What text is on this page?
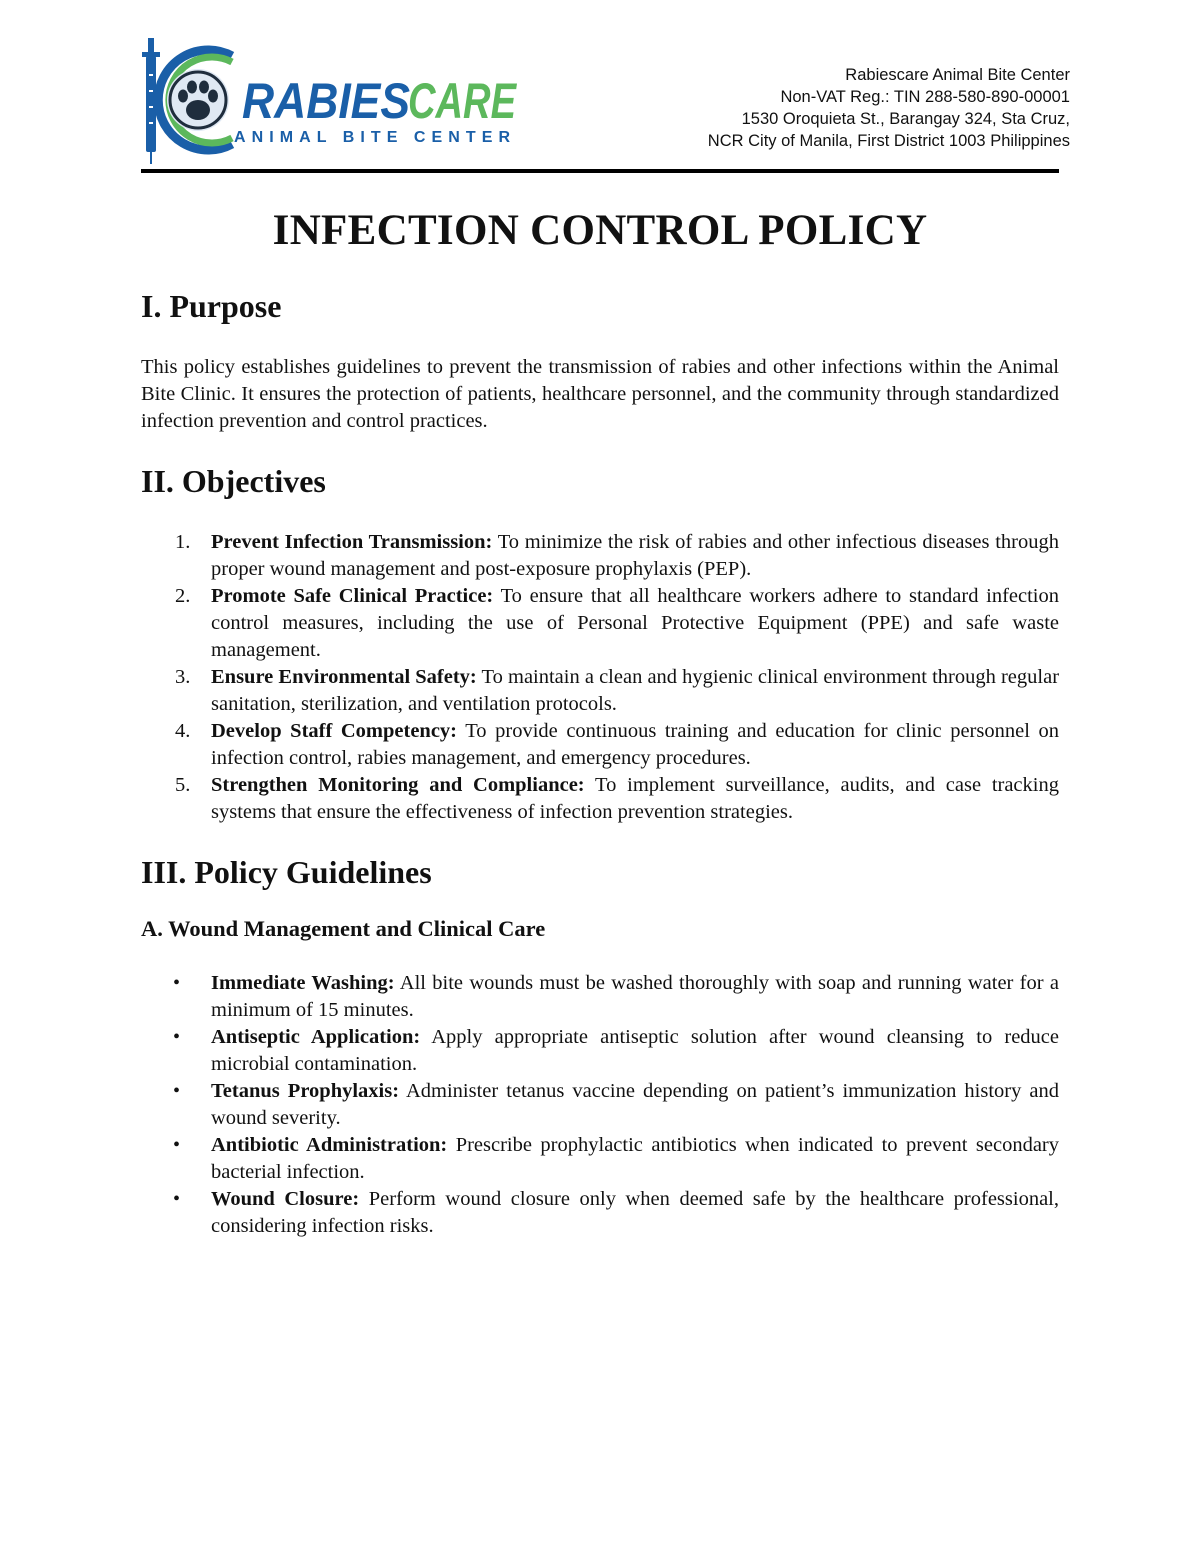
RABIES
CARE
ANIMAL BITE CENTER
Rabiescare Animal Bite Center
Non-VAT Reg.: TIN 288-580-890-00001
1530 Oroquieta St., Barangay 324, Sta Cruz,
NCR City of Manila, First District 1003 Philippines
INFECTION CONTROL POLICY
I. Purpose

This policy establishes guidelines to prevent the transmission of rabies and other infections within the Animal Bite Clinic. It ensures the protection of patients, healthcare personnel, and the community through standardized infection prevention and control practices.

II. Objectives
1. Prevent Infection Transmission: To minimize the risk of rabies and other infectious diseases through proper wound management and post-exposure prophylaxis (PEP).
2. Promote Safe Clinical Practice: To ensure that all healthcare workers adhere to standard infection control measures, including the use of Personal Protective Equipment (PPE) and safe waste management.
3. Ensure Environmental Safety: To maintain a clean and hygienic clinical environment through regular sanitation, sterilization, and ventilation protocols.
4. Develop Staff Competency: To provide continuous training and education for clinic personnel on infection control, rabies management, and emergency procedures.
5. Strengthen Monitoring and Compliance: To implement surveillance, audits, and case tracking systems that ensure the effectiveness of infection prevention strategies.
III. Policy Guidelines
A. Wound Management and Clinical Care
• Immediate Washing: All bite wounds must be washed thoroughly with soap and running water for a minimum of 15 minutes.
• Antiseptic Application: Apply appropriate antiseptic solution after wound cleansing to reduce microbial contamination.
• Tetanus Prophylaxis: Administer tetanus vaccine depending on patient’s immunization history and wound severity.
• Antibiotic Administration: Prescribe prophylactic antibiotics when indicated to prevent secondary bacterial infection.
• Wound Closure: Perform wound closure only when deemed safe by the healthcare professional, considering infection risks.
